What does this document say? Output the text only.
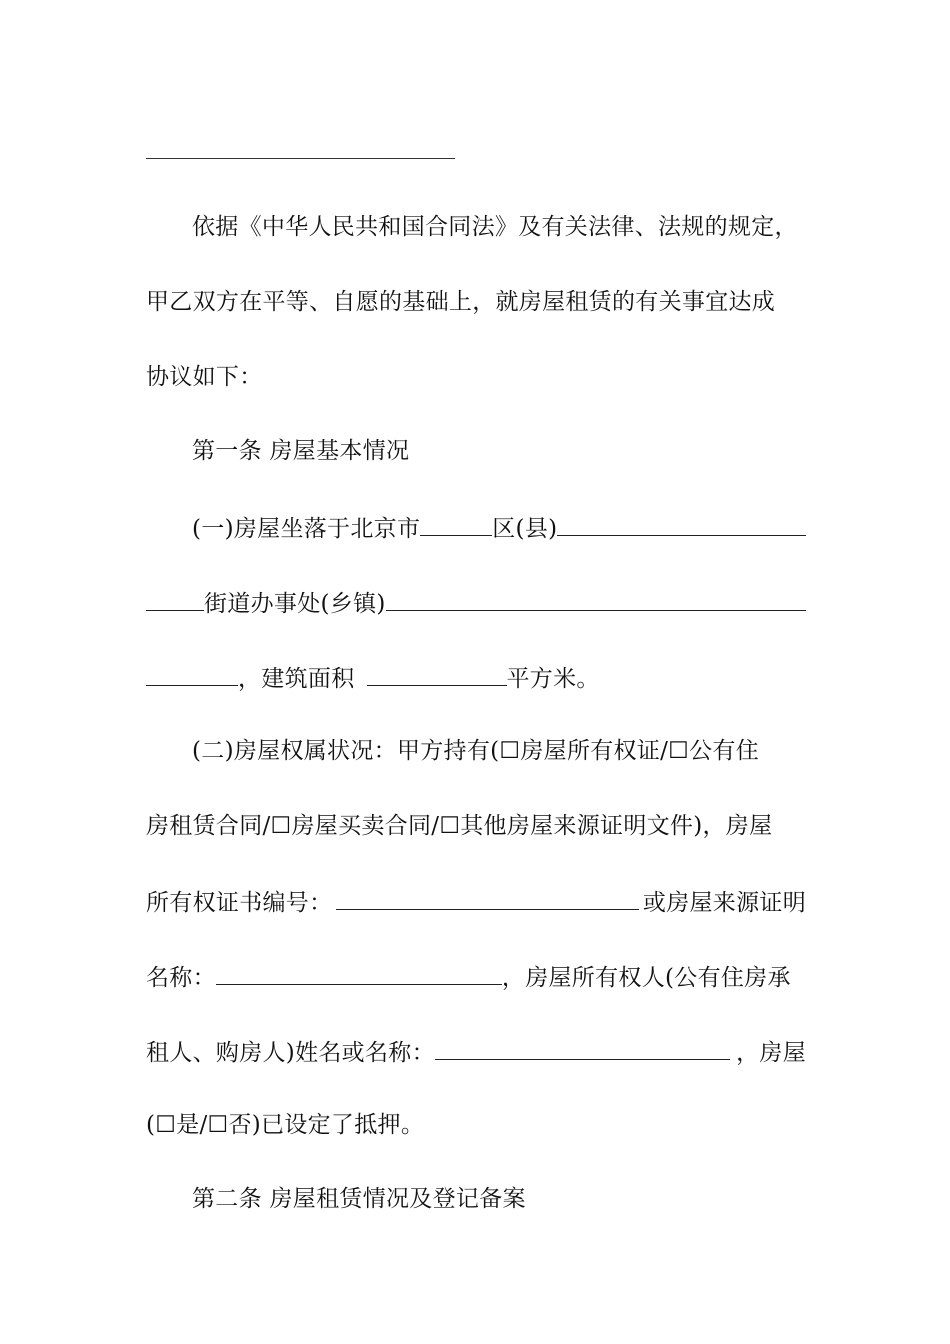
依据《中华人民共和国合同法》及有关法律、法规的规定，
甲乙双方在平等、自愿的基础上，就房屋租赁的有关事宜达成
协议如下：
第一条 房屋基本情况
(一)房屋坐落于北京市	区(县)
街道办事处(乡镇)
，建筑面积	平方米。
(二)房屋权属状况：甲方持有(☐房屋所有权证/☐公有住
房租赁合同/☐房屋买卖合同/☐其他房屋来源证明文件)，房屋
所有权证书编号：	或房屋来源证明
名称：	，房屋所有权人(公有住房承
租人、购房人)姓名或名称：	，房屋
(☐是/☐否)已设定了抵押。
第二条 房屋租赁情况及登记备案
